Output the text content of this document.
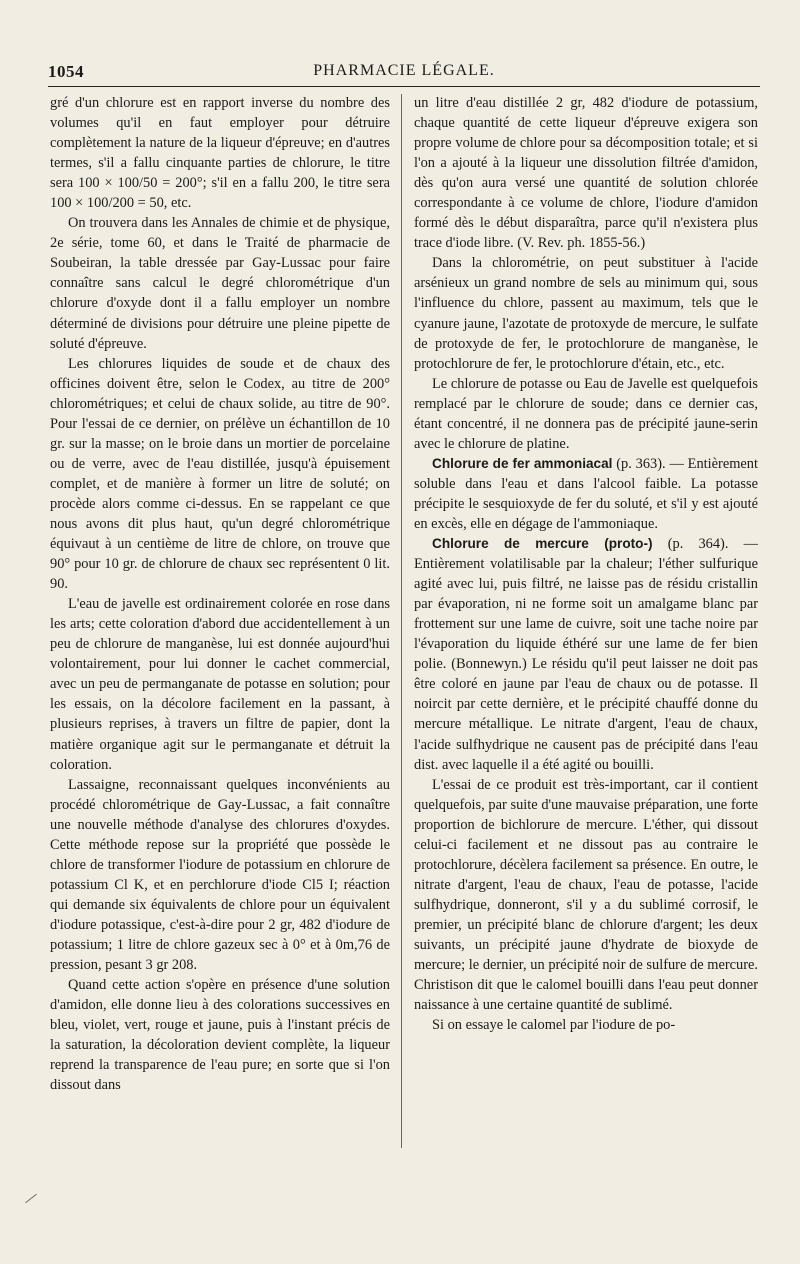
1054	PHARMACIE LÉGALE.

gré d'un chlorure est en rapport inverse du nombre des volumes qu'il en faut employer pour détruire complètement la nature de la liqueur d'épreuve; en d'autres termes, s'il a fallu cinquante parties de chlorure, le titre sera 100 × 100/50 = 200°; s'il en a fallu 200, le titre sera 100 × 100/200 = 50, etc.

On trouvera dans les Annales de chimie et de physique, 2e série, tome 60, et dans le Traité de pharmacie de Soubeiran, la table dressée par Gay-Lussac pour faire connaître sans calcul le degré chlorométrique d'un chlorure d'oxyde dont il a fallu employer un nombre déterminé de divisions pour détruire une pleine pipette de soluté d'épreuve.

Les chlorures liquides de soude et de chaux des officines doivent être, selon le Codex, au titre de 200° chlorométriques; et celui de chaux solide, au titre de 90°. Pour l'essai de ce dernier, on prélève un échantillon de 10 gr. sur la masse; on le broie dans un mortier de porcelaine ou de verre, avec de l'eau distillée, jusqu'à épuisement complet, et de manière à former un litre de soluté; on procède alors comme ci-dessus. En se rappelant ce que nous avons dit plus haut, qu'un degré chlorométrique équivaut à un centième de litre de chlore, on trouve que 90° pour 10 gr. de chlorure de chaux sec représentent 0 lit. 90.

L'eau de javelle est ordinairement colorée en rose dans les arts; cette coloration d'abord due accidentellement à un peu de chlorure de manganèse, lui est donnée aujourd'hui volontairement, pour lui donner le cachet commercial, avec un peu de permanganate de potasse en solution; pour les essais, on la décolore facilement en la passant, à plusieurs reprises, à travers un filtre de papier, dont la matière organique agit sur le permanganate et détruit la coloration.

Lassaigne, reconnaissant quelques inconvénients au procédé chlorométrique de Gay-Lussac, a fait connaître une nouvelle méthode d'analyse des chlorures d'oxydes. Cette méthode repose sur la propriété que possède le chlore de transformer l'iodure de potassium en chlorure de potassium Cl K, et en perchlorure d'iode Cl5 I; réaction qui demande six équivalents de chlore pour un équivalent d'iodure potassique, c'est-à-dire pour 2 gr, 482 d'iodure de potassium; 1 litre de chlore gazeux sec à 0° et à 0m,76 de pression, pesant 3 gr 208.

Quand cette action s'opère en présence d'une solution d'amidon, elle donne lieu à des colorations successives en bleu, violet, vert, rouge et jaune, puis à l'instant précis de la saturation, la décoloration devient complète, la liqueur reprend la transparence de l'eau pure; en sorte que si l'on dissout dans

un litre d'eau distillée 2 gr, 482 d'iodure de potassium, chaque quantité de cette liqueur d'épreuve exigera son propre volume de chlore pour sa décomposition totale; et si l'on a ajouté à la liqueur une dissolution filtrée d'amidon, dès qu'on aura versé une quantité de solution chlorée correspondante à ce volume de chlore, l'iodure d'amidon formé dès le début disparaîtra, parce qu'il n'existera plus trace d'iode libre. (V. Rev. ph. 1855-56.)

Dans la chlorométrie, on peut substituer à l'acide arsénieux un grand nombre de sels au minimum qui, sous l'influence du chlore, passent au maximum, tels que le cyanure jaune, l'azotate de protoxyde de mercure, le sulfate de protoxyde de fer, le protochlorure de manganèse, le protochlorure de fer, le protochlorure d'étain, etc., etc.

Le chlorure de potasse ou Eau de Javelle est quelquefois remplacé par le chlorure de soude; dans ce dernier cas, étant concentré, il ne donnera pas de précipité jaune-serin avec le chlorure de platine.

Chlorure de fer ammoniacal (p. 363). — Entièrement soluble dans l'eau et dans l'alcool faible. La potasse précipite le sesquioxyde de fer du soluté, et s'il y est ajouté en excès, elle en dégage de l'ammoniaque.

Chlorure de mercure (proto-) (p. 364). — Entièrement volatilisable par la chaleur; l'éther sulfurique agité avec lui, puis filtré, ne laisse pas de résidu cristallin par évaporation, ni ne forme soit un amalgame blanc par frottement sur une lame de cuivre, soit une tache noire par l'évaporation du liquide éthéré sur une lame de fer bien polie. (Bonnewyn.) Le résidu qu'il peut laisser ne doit pas être coloré en jaune par l'eau de chaux ou de potasse. Il noircit par cette dernière, et le précipité chauffé donne du mercure métallique. Le nitrate d'argent, l'eau de chaux, l'acide sulfhydrique ne causent pas de précipité dans l'eau dist. avec laquelle il a été agité ou bouilli.

L'essai de ce produit est très-important, car il contient quelquefois, par suite d'une mauvaise préparation, une forte proportion de bichlorure de mercure. L'éther, qui dissout celui-ci facilement et ne dissout pas au contraire le protochlorure, décèlera facilement sa présence. En outre, le nitrate d'argent, l'eau de chaux, l'eau de potasse, l'acide sulfhydrique, donneront, s'il y a du sublimé corrosif, le premier, un précipité blanc de chlorure d'argent; les deux suivants, un précipité jaune d'hydrate de bioxyde de mercure; le dernier, un précipité noir de sulfure de mercure. Christison dit que le calomel bouilli dans l'eau peut donner naissance à une certaine quantité de sublimé.

Si on essaye le calomel par l'iodure de po-
